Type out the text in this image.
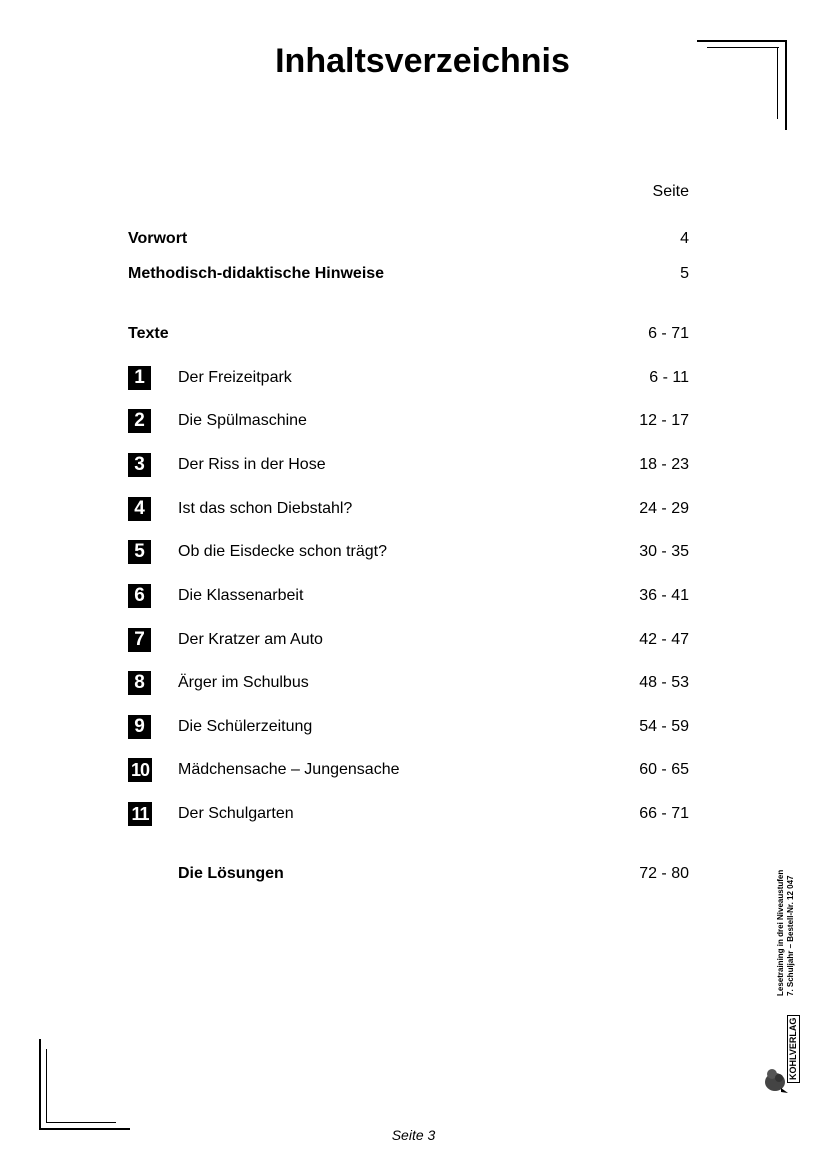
Inhaltsverzeichnis
Seite
Vorwort	4
Methodisch-didaktische Hinweise	5
Texte	6 - 71
1	Der Freizeitpark	6 - 11
2	Die Spülmaschine	12 - 17
3	Der Riss in der Hose	18 - 23
4	Ist das schon Diebstahl?	24 - 29
5	Ob die Eisdecke schon trägt?	30 - 35
6	Die Klassenarbeit	36 - 41
7	Der Kratzer am Auto	42 - 47
8	Ärger im Schulbus	48 - 53
9	Die Schülerzeitung	54 - 59
10 Mädchensache – Jungensache	60 - 65
11 Der Schulgarten	66 - 71
Die Lösungen	72 - 80	Lesetraining in drei Niveaustufen 7. Schuljahr – Bestell-Nr. 12 047
KOHLVERLAG
Seite 3
